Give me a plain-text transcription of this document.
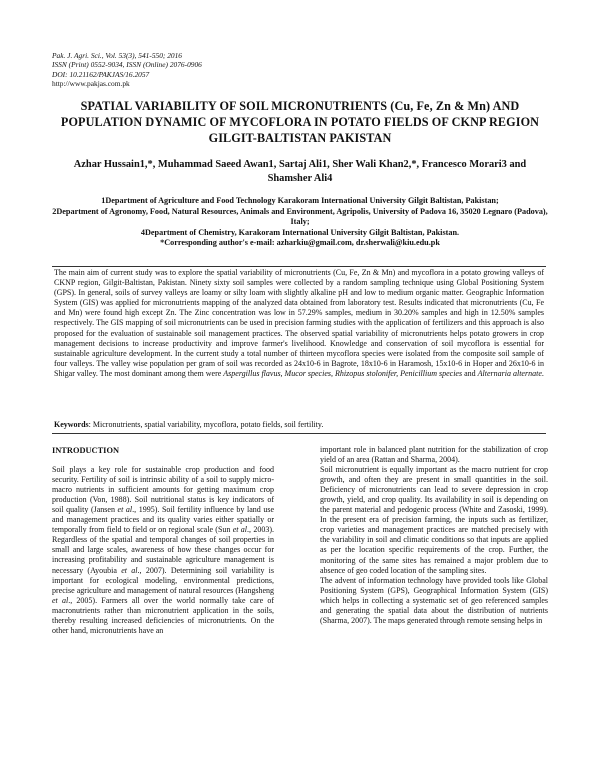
Pak. J. Agri. Sci., Vol. 53(3), 541-550; 2016
ISSN (Print) 0552-9034, ISSN (Online) 2076-0906
DOI: 10.21162/PAKJAS/16.2057
http://www.pakjas.com.pk
SPATIAL VARIABILITY OF SOIL MICRONUTRIENTS (Cu, Fe, Zn & Mn) AND POPULATION DYNAMIC OF MYCOFLORA IN POTATO FIELDS OF CKNP REGION GILGIT-BALTISTAN PAKISTAN
Azhar Hussain1,*, Muhammad Saeed Awan1, Sartaj Ali1, Sher Wali Khan2,*, Francesco Morari3 and Shamsher Ali4
1Department of Agriculture and Food Technology Karakoram International University Gilgit Baltistan, Pakistan;
2Department of Agronomy, Food, Natural Resources, Animals and Environment, Agripolis, University of Padova 16, 35020 Legnaro (Padova), Italy;
4Department of Chemistry, Karakoram International University Gilgit Baltistan, Pakistan.
*Corresponding author's e-mail: azharkiu@gmail.com, dr.sherwali@kiu.edu.pk
The main aim of current study was to explore the spatial variability of micronutrients (Cu, Fe, Zn & Mn) and mycoflora in a potato growing valleys of CKNP region, Gilgit-Baltistan, Pakistan. Ninety sixty soil samples were collected by a random sampling technique using Global Positioning System (GPS). In general, soils of survey valleys are loamy or silty loam with slightly alkaline pH and low to medium organic matter. Geographic Information System (GIS) was applied for micronutrients mapping of the analyzed data obtained from laboratory test. Results indicated that micronutrients (Cu, Fe and Mn) were found high except Zn. The Zinc concentration was low in 57.29% samples, medium in 30.20% samples and high in 12.50% samples respectively. The GIS mapping of soil micronutrients can be used in precision farming studies with the application of fertilizers and this approach is also proposed for the evaluation of sustainable soil management practices. The observed spatial variability of micronutrients helps potato growers in crop management decisions to increase productivity and improve farmer's livelihood. Knowledge and conservation of soil mycoflora is essential for sustainable agriculture development. In the current study a total number of thirteen mycoflora species were isolated from the composite soil sample of four valleys. The valley wise population per gram of soil was recorded as 24x10-6 in Bagrote, 18x10-6 in Haramosh, 15x10-6 in Hoper and 26x10-6 in Shigar valley. The most dominant among them were Aspergillus flavus, Mucor species, Rhizopus stolonifer, Penicillium species and Alternaria alternate.
Keywords: Micronutrients, spatial variability, mycoflora, potato fields, soil fertility.
INTRODUCTION

Soil plays a key role for sustainable crop production and food security. Fertility of soil is intrinsic ability of a soil to supply micro-macro nutrients in sufficient amounts for getting maximum crop production (Von, 1988). Soil nutritional status is key indicators of soil quality (Jansen et al., 1995). Soil fertility influence by land use and management practices and its quality varies either spatially or temporally from field to field or on regional scale (Sun et al., 2003). Regardless of the spatial and temporal changes of soil properties in small and large scales, awareness of how these changes occur for increasing profitability and sustainable agriculture management is necessary (Ayoubia et al., 2007). Determining soil variability is important for ecological modeling, environmental predictions, precise agriculture and management of natural resources (Hangsheng et al., 2005). Farmers all over the world normally take care of macronutrients rather than micronutrient application in the soils, thereby resulting increased deficiencies of micronutrients. On the other hand, micronutrients have an

important role in balanced plant nutrition for the stabilization of crop yield of an area (Rattan and Sharma, 2004).

Soil micronutrient is equally important as the macro nutrient for crop growth, and often they are present in small quantities in the soil. Deficiency of micronutrients can lead to severe depression in crop growth, yield, and crop quality. Its availability in soil is depending on the parent material and pedogenic process (White and Zasoski, 1999). In the present era of precision farming, the inputs such as fertilizer, crop varieties and management practices are matched precisely with the variability in soil and climatic conditions so that inputs are applied as per the location specific requirements of the crop. Further, the monitoring of the same sites has remained a major problem due to absence of geo coded location of the sampling sites.

The advent of information technology have provided tools like Global Positioning System (GPS), Geographical Information System (GIS) which helps in collecting a systematic set of geo referenced samples and generating the spatial data about the distribution of nutrients (Sharma, 2007). The maps generated through remote sensing helps in
